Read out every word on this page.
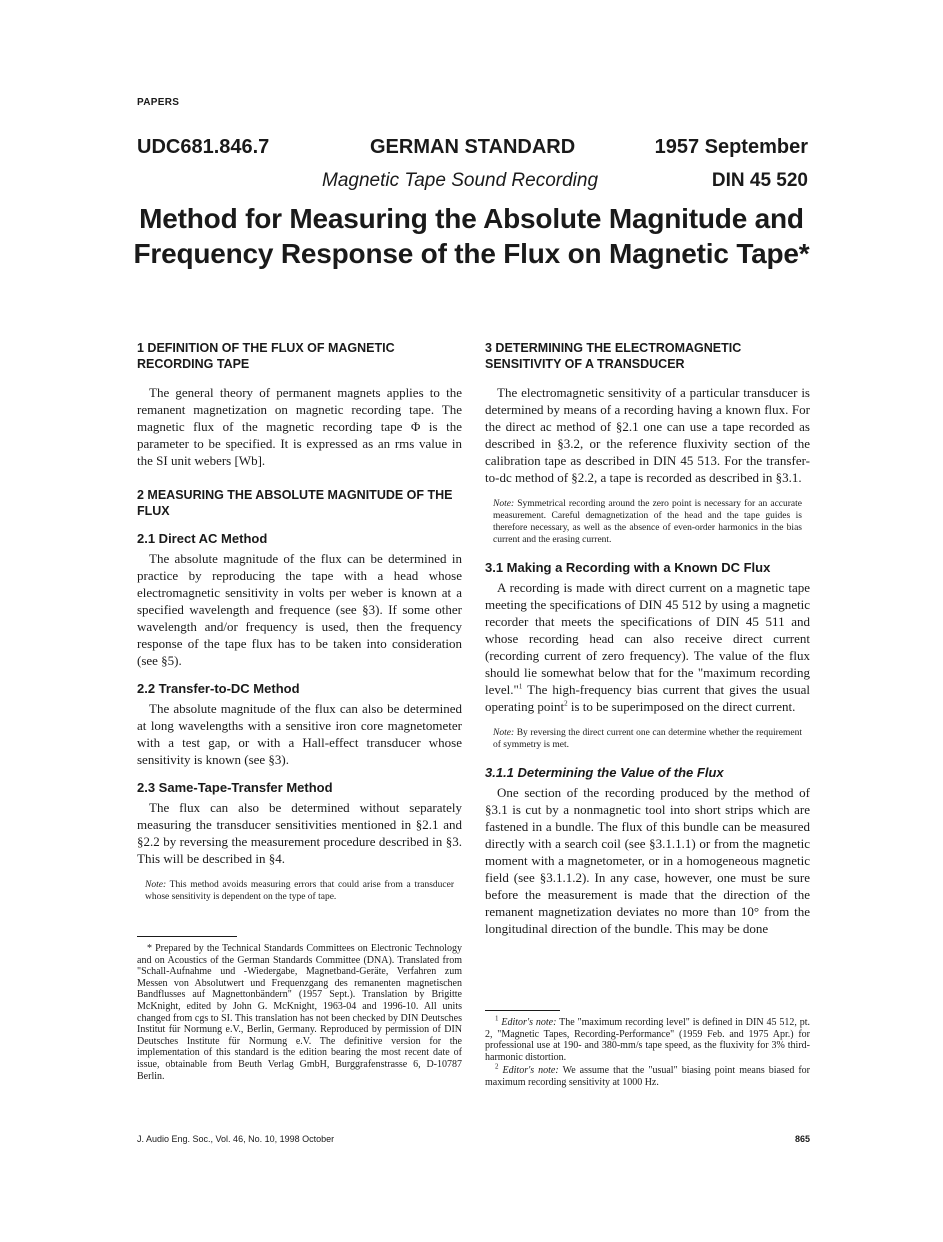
PAPERS
UDC681.846.7	GERMAN STANDARD	1957 September
Magnetic Tape Sound Recording	DIN 45 520
Method for Measuring the Absolute Magnitude and Frequency Response of the Flux on Magnetic Tape*
1 DEFINITION OF THE FLUX OF MAGNETIC RECORDING TAPE

The general theory of permanent magnets applies to the remanent magnetization on magnetic recording tape. The magnetic flux of the magnetic recording tape Φ is the parameter to be specified. It is expressed as an rms value in the SI unit webers [Wb].

2 MEASURING THE ABSOLUTE MAGNITUDE OF THE FLUX
2.1 Direct AC Method

The absolute magnitude of the flux can be determined in practice by reproducing the tape with a head whose electromagnetic sensitivity in volts per weber is known at a specified wavelength and frequence (see §3). If some other wavelength and/or frequency is used, then the frequency response of the tape flux has to be taken into consideration (see §5).

2.2 Transfer-to-DC Method

The absolute magnitude of the flux can also be determined at long wavelengths with a sensitive iron core magnetometer with a test gap, or with a Hall-effect transducer whose sensitivity is known (see §3).

2.3 Same-Tape-Transfer Method

The flux can also be determined without separately measuring the transducer sensitivities mentioned in §2.1 and §2.2 by reversing the measurement procedure described in §3. This will be described in §4.

Note: This method avoids measuring errors that could arise from a transducer whose sensitivity is dependent on the type of tape.

* Prepared by the Technical Standards Committees on Electronic Technology and on Acoustics of the German Standards Committee (DNA). Translated from "Schall-Aufnahme und -Wiedergabe, Magnetband-Geräte, Verfahren zum Messen von Absolutwert und Frequenzgang des remanenten magnetischen Bandflusses auf Magnettonbändern" (1957 Sept.). Translation by Brigitte McKnight, edited by John G. McKnight, 1963-04 and 1996-10. All units changed from cgs to SI. This translation has not been checked by DIN Deutsches Institut für Normung e.V., Berlin, Germany. Reproduced by permission of DIN Deutsches Institute für Normung e.V. The definitive version for the implementation of this standard is the edition bearing the most recent date of issue, obtainable from Beuth Verlag GmbH, Burggrafenstrasse 6, D-10787 Berlin.

3 DETERMINING THE ELECTROMAGNETIC SENSITIVITY OF A TRANSDUCER

The electromagnetic sensitivity of a particular transducer is determined by means of a recording having a known flux. For the direct ac method of §2.1 one can use a tape recorded as described in §3.2, or the reference fluxivity section of the calibration tape as described in DIN 45 513. For the transfer-to-dc method of §2.2, a tape is recorded as described in §3.1.

Note: Symmetrical recording around the zero point is necessary for an accurate measurement. Careful demagnetization of the head and the tape guides is therefore necessary, as well as the absence of even-order harmonics in the bias current and the erasing current.

3.1 Making a Recording with a Known DC Flux

A recording is made with direct current on a magnetic tape meeting the specifications of DIN 45 512 by using a magnetic recorder that meets the specifications of DIN 45 511 and whose recording head can also receive direct current (recording current of zero frequency). The value of the flux should lie somewhat below that for the "maximum recording level."$^1$ The high-frequency bias current that gives the usual operating point$^2$ is to be superimposed on the direct current.

Note: By reversing the direct current one can determine whether the requirement of symmetry is met.

3.1.1 Determining the Value of the Flux

One section of the recording produced by the method of §3.1 is cut by a nonmagnetic tool into short strips which are fastened in a bundle. The flux of this bundle can be measured directly with a search coil (see §3.1.1.1) or from the magnetic moment with a magnetometer, or in a homogeneous magnetic field (see §3.1.1.2). In any case, however, one must be sure before the measurement is made that the direction of the remanent magnetization deviates no more than 10° from the longitudinal direction of the bundle. This may be done

$^1$ Editor's note: The "maximum recording level" is defined in DIN 45 512, pt. 2, "Magnetic Tapes, Recording-Performance" (1959 Feb. and 1975 Apr.) for professional use at 190- and 380-mm/s tape speed, as the fluxivity for 3% third-harmonic distortion.

$^2$ Editor's note: We assume that the "usual" biasing point means biased for maximum recording sensitivity at 1000 Hz.

J. Audio Eng. Soc., Vol. 46, No. 10, 1998 October	865
